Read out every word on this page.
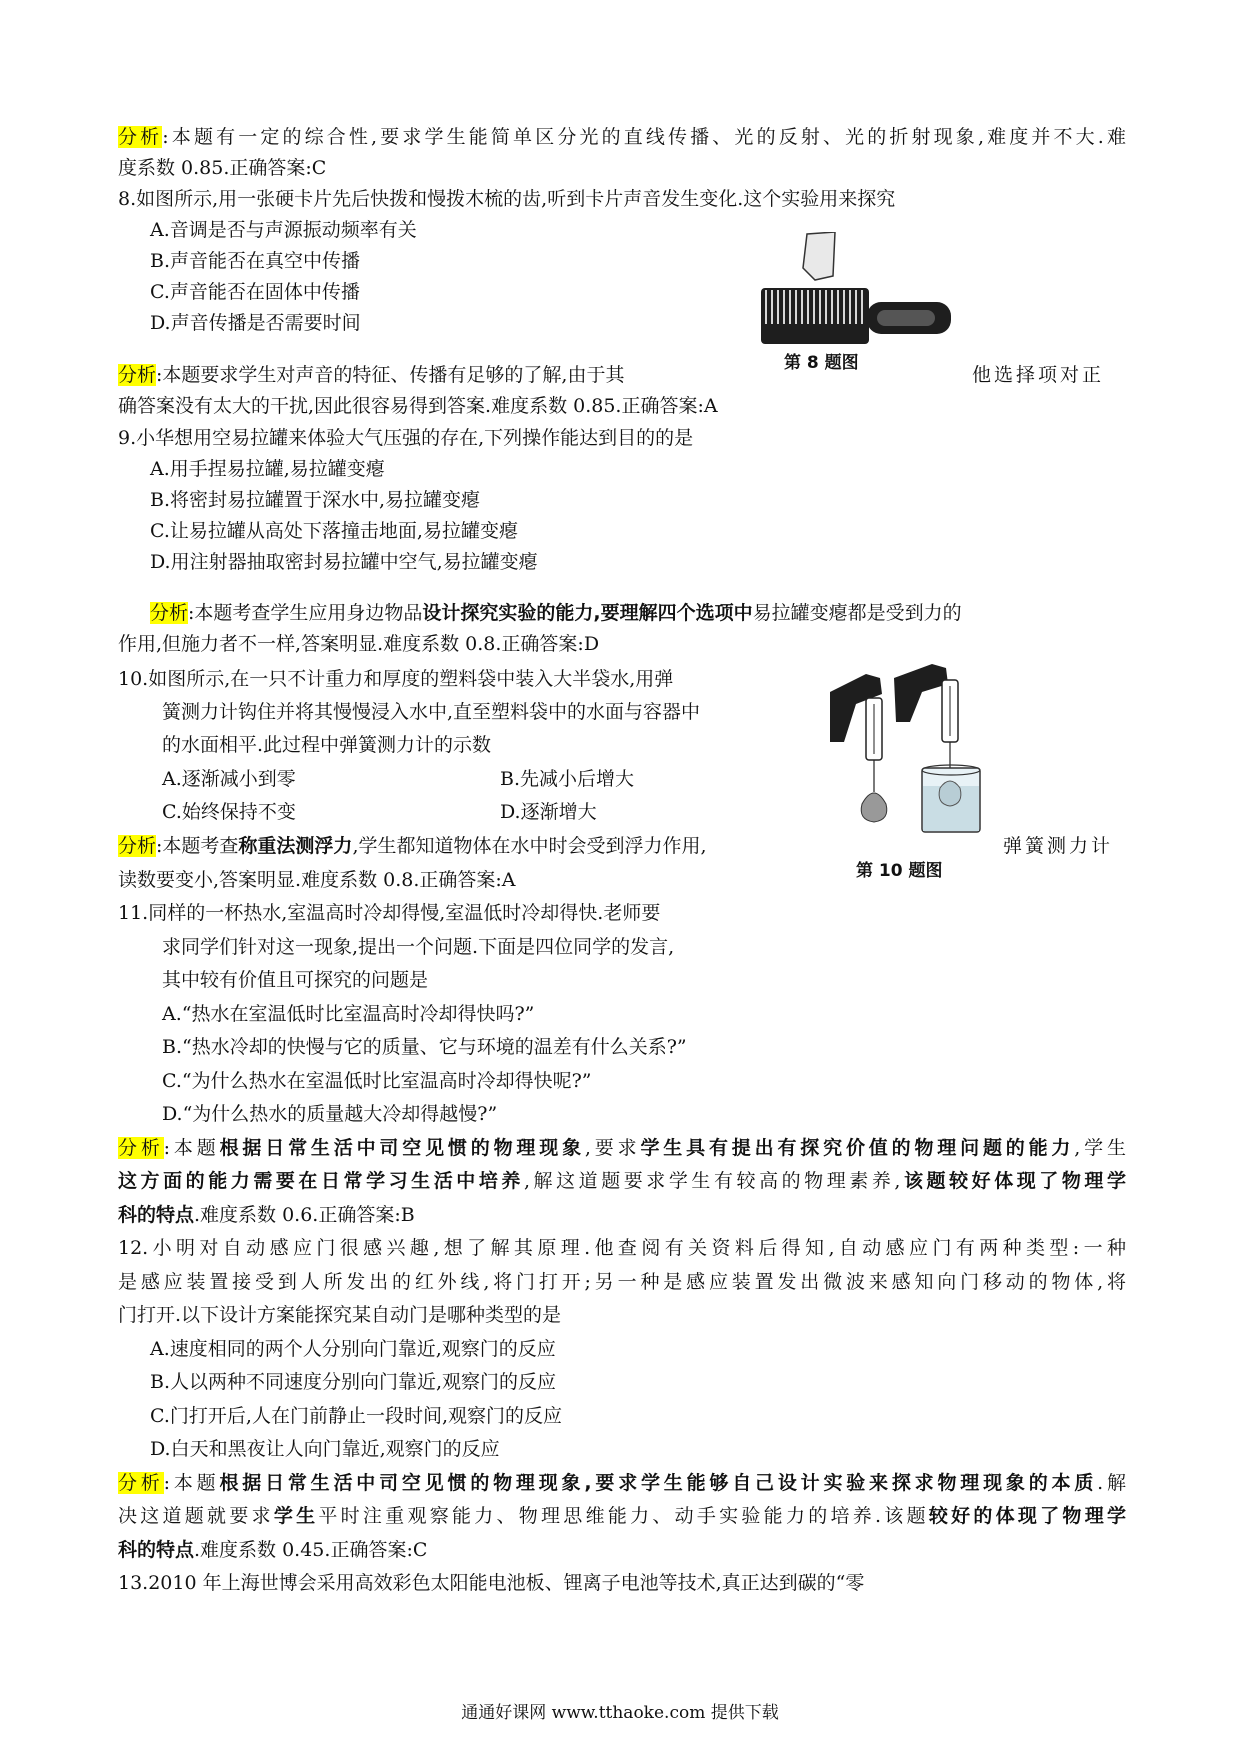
分析:本题有一定的综合性,要求学生能简单区分光的直线传播、光的反射、光的折射现象,难度并不大.难
度系数 0.85.正确答案:C
8.如图所示,用一张硬卡片先后快拨和慢拨木梳的齿,听到卡片声音发生变化.这个实验用来探究
A.音调是否与声源振动频率有关
B.声音能否在真空中传播
C.声音能否在固体中传播
D.声音传播是否需要时间
第 8 题图
分析:本题要求学生对声音的特征、传播有足够的了解,由于其	他选择项对正
确答案没有太大的干扰,因此很容易得到答案.难度系数 0.85.正确答案:A
9.小华想用空易拉罐来体验大气压强的存在,下列操作能达到目的的是
A.用手捏易拉罐,易拉罐变瘪
B.将密封易拉罐置于深水中,易拉罐变瘪
C.让易拉罐从高处下落撞击地面,易拉罐变瘪
D.用注射器抽取密封易拉罐中空气,易拉罐变瘪
分析:本题考查学生应用身边物品设计探究实验的能力,要理解四个选项中易拉罐变瘪都是受到力的
作用,但施力者不一样,答案明显.难度系数 0.8.正确答案:D
10.如图所示,在一只不计重力和厚度的塑料袋中装入大半袋水,用弹
簧测力计钩住并将其慢慢浸入水中,直至塑料袋中的水面与容器中
的水面相平.此过程中弹簧测力计的示数
A.逐渐减小到零	B.先减小后增大
C.始终保持不变	D.逐渐增大
第 10 题图
分析:本题考查称重法测浮力,学生都知道物体在水中时会受到浮力作用,	弹簧测力计
读数要变小,答案明显.难度系数 0.8.正确答案:A
11.同样的一杯热水,室温高时冷却得慢,室温低时冷却得快.老师要
求同学们针对这一现象,提出一个问题.下面是四位同学的发言,
其中较有价值且可探究的问题是
A.“热水在室温低时比室温高时冷却得快吗?”
B.“热水冷却的快慢与它的质量、它与环境的温差有什么关系?”
C.“为什么热水在室温低时比室温高时冷却得快呢?”
D.“为什么热水的质量越大冷却得越慢?”
分析:本题根据日常生活中司空见惯的物理现象,要求学生具有提出有探究价值的物理问题的能力,学生
这方面的能力需要在日常学习生活中培养,解这道题要求学生有较高的物理素养,该题较好体现了物理学
科的特点.难度系数 0.6.正确答案:B
12.小明对自动感应门很感兴趣,想了解其原理.他查阅有关资料后得知,自动感应门有两种类型:一种
是感应装置接受到人所发出的红外线,将门打开;另一种是感应装置发出微波来感知向门移动的物体,将
门打开.以下设计方案能探究某自动门是哪种类型的是
A.速度相同的两个人分别向门靠近,观察门的反应
B.人以两种不同速度分别向门靠近,观察门的反应
C.门打开后,人在门前静止一段时间,观察门的反应
D.白天和黑夜让人向门靠近,观察门的反应
分析:本题根据日常生活中司空见惯的物理现象,要求学生能够自己设计实验来探求物理现象的本质.解
决这道题就要求学生平时注重观察能力、物理思维能力、动手实验能力的培养.该题较好的体现了物理学
科的特点.难度系数 0.45.正确答案:C
13.2010 年上海世博会采用高效彩色太阳能电池板、锂离子电池等技术,真正达到碳的“零
通通好课网 www.tthaoke.com 提供下载
